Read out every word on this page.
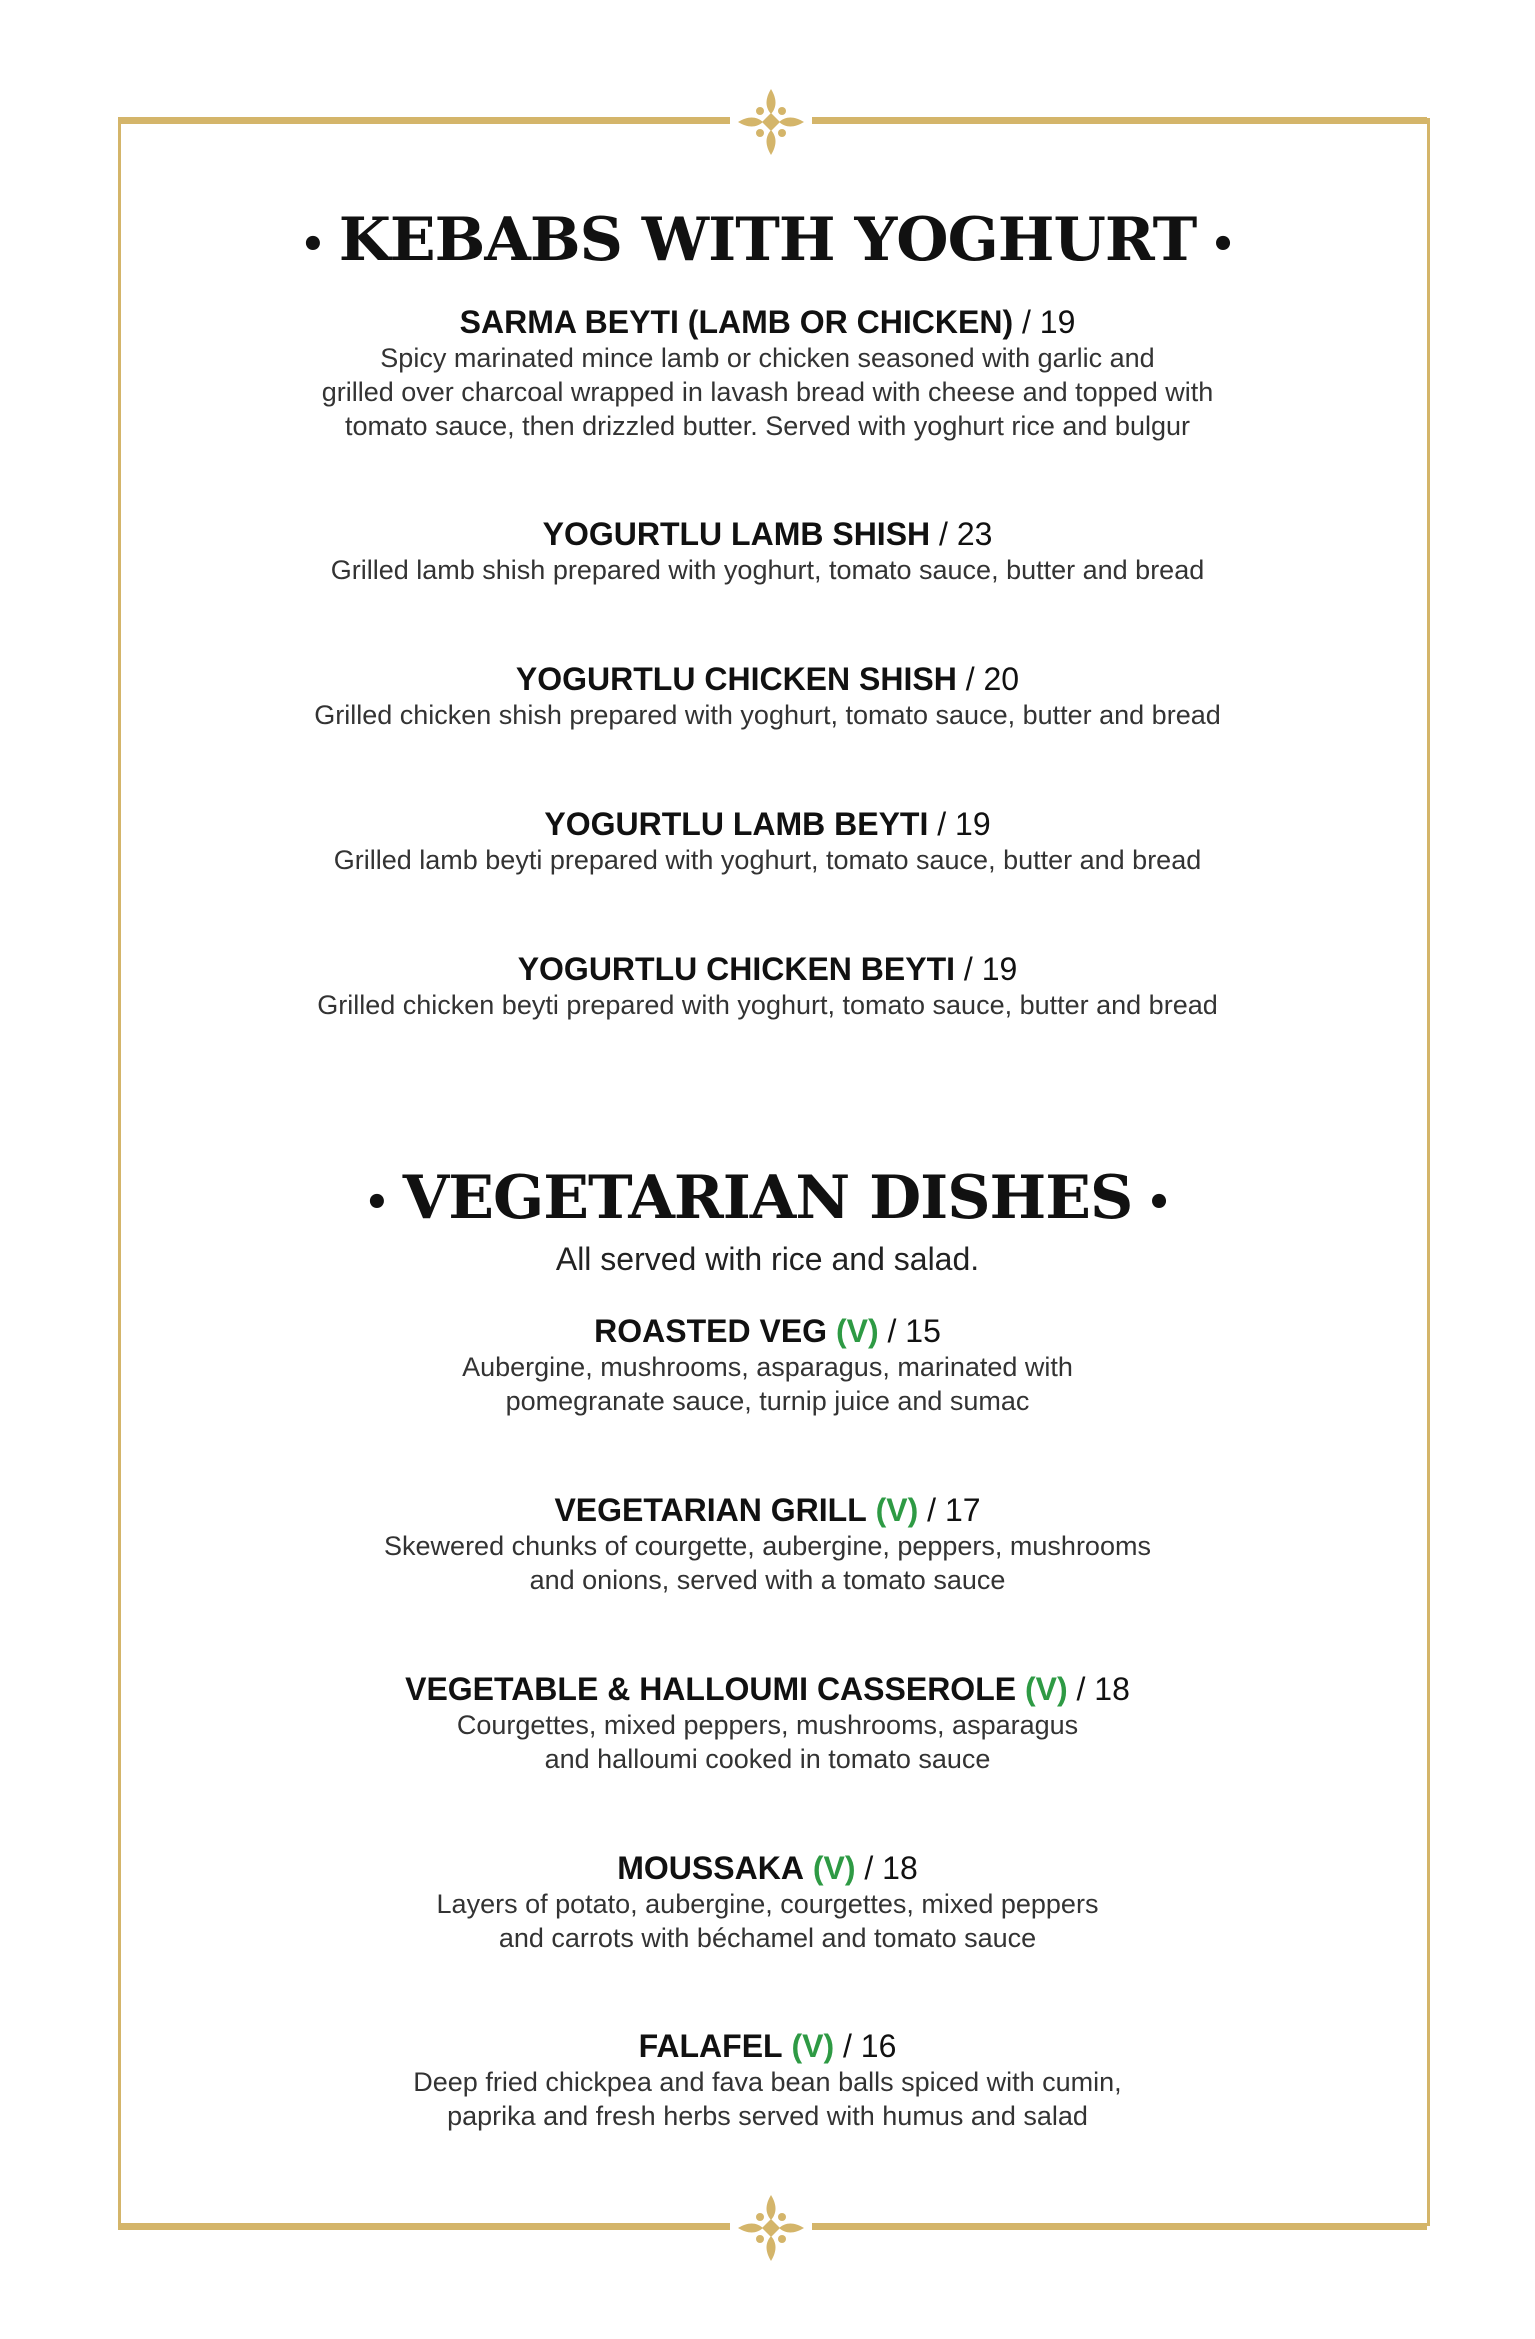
• KEBABS WITH YOGHURT •
SARMA BEYTI (LAMB OR CHICKEN) / 19
Spicy marinated mince lamb or chicken seasoned with garlic and
grilled over charcoal wrapped in lavash bread with cheese and topped with
tomato sauce, then drizzled butter. Served with yoghurt rice and bulgur
YOGURTLU LAMB SHISH / 23
Grilled lamb shish prepared with yoghurt, tomato sauce, butter and bread
YOGURTLU CHICKEN SHISH / 20
Grilled chicken shish prepared with yoghurt, tomato sauce, butter and bread
YOGURTLU LAMB BEYTI / 19
Grilled lamb beyti prepared with yoghurt, tomato sauce, butter and bread
YOGURTLU CHICKEN BEYTI / 19
Grilled chicken beyti prepared with yoghurt, tomato sauce, butter and bread
• VEGETARIAN DISHES •
All served with rice and salad.
ROASTED VEG (V) / 15
Aubergine, mushrooms, asparagus, marinated with
pomegranate sauce, turnip juice and sumac
VEGETARIAN GRILL (V) / 17
Skewered chunks of courgette, aubergine, peppers, mushrooms
and onions, served with a tomato sauce
VEGETABLE & HALLOUMI CASSEROLE (V) / 18
Courgettes, mixed peppers, mushrooms, asparagus
and halloumi cooked in tomato sauce
MOUSSAKA (V) / 18
Layers of potato, aubergine, courgettes, mixed peppers
and carrots with béchamel and tomato sauce
FALAFEL (V) / 16
Deep fried chickpea and fava bean balls spiced with cumin,
paprika and fresh herbs served with humus and salad
